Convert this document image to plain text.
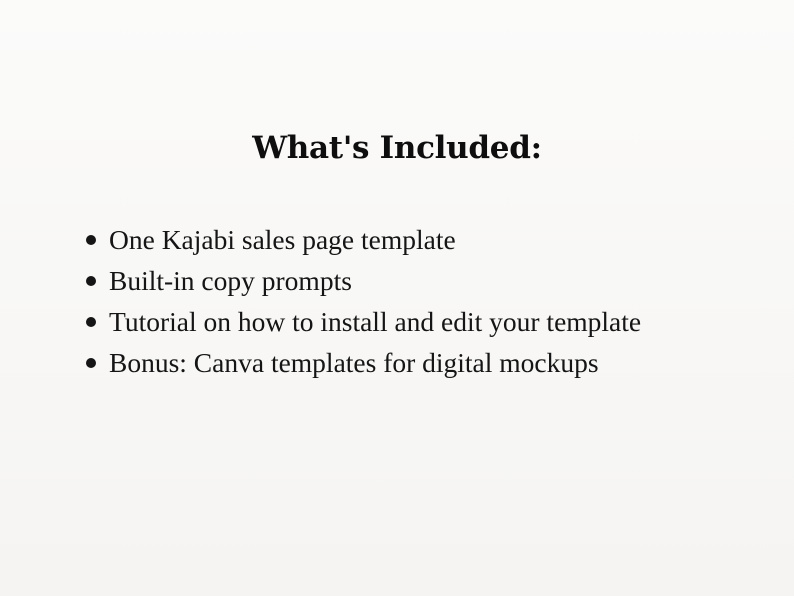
What's Included:
One Kajabi sales page template
Built-in copy prompts
Tutorial on how to install and edit your template
Bonus: Canva templates for digital mockups
